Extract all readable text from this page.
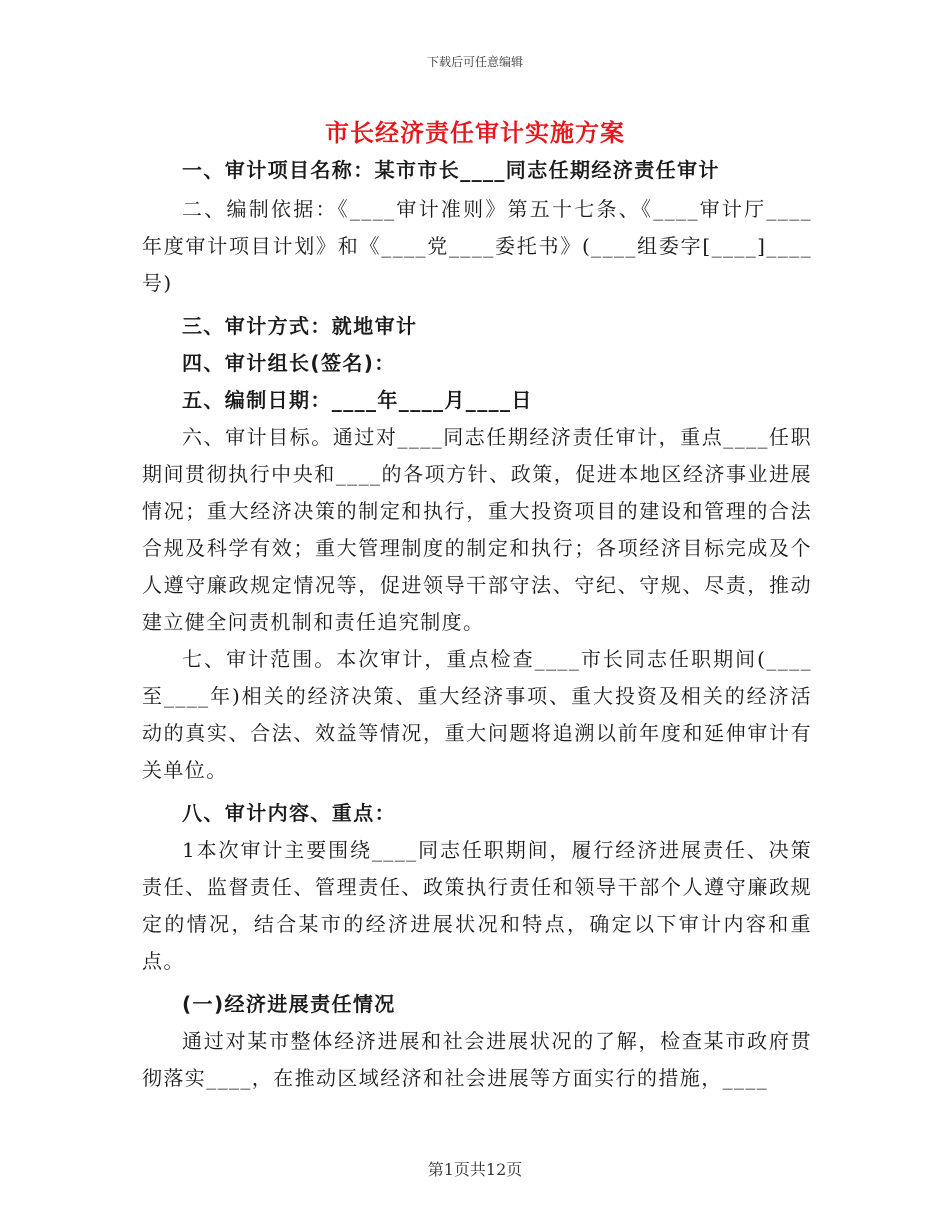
下载后可任意编辑
市长经济责任审计实施方案

一、审计项目名称：某市市长____同志任期经济责任审计

二、编制依据：《____审计准则》第五十七条、《____审计厅____年度审计项目计划》和《____党____委托书》(____组委字[____]____号)

三、审计方式：就地审计

四、审计组长(签名)：

五、编制日期：____年____月____日

六、审计目标。通过对____同志任期经济责任审计，重点____任职期间贯彻执行中央和____的各项方针、政策，促进本地区经济事业进展情况；重大经济决策的制定和执行，重大投资项目的建设和管理的合法合规及科学有效；重大管理制度的制定和执行；各项经济目标完成及个人遵守廉政规定情况等，促进领导干部守法、守纪、守规、尽责，推动建立健全问责机制和责任追究制度。

七、审计范围。本次审计，重点检查____市长同志任职期间(____至____年)相关的经济决策、重大经济事项、重大投资及相关的经济活动的真实、合法、效益等情况，重大问题将追溯以前年度和延伸审计有关单位。

八、审计内容、重点：

1本次审计主要围绕____同志任职期间，履行经济进展责任、决策责任、监督责任、管理责任、政策执行责任和领导干部个人遵守廉政规定的情况，结合某市的经济进展状况和特点，确定以下审计内容和重点。

(一)经济进展责任情况

通过对某市整体经济进展和社会进展状况的了解，检查某市政府贯彻落实____，在推动区域经济和社会进展等方面实行的措施，____

第1页共12页
